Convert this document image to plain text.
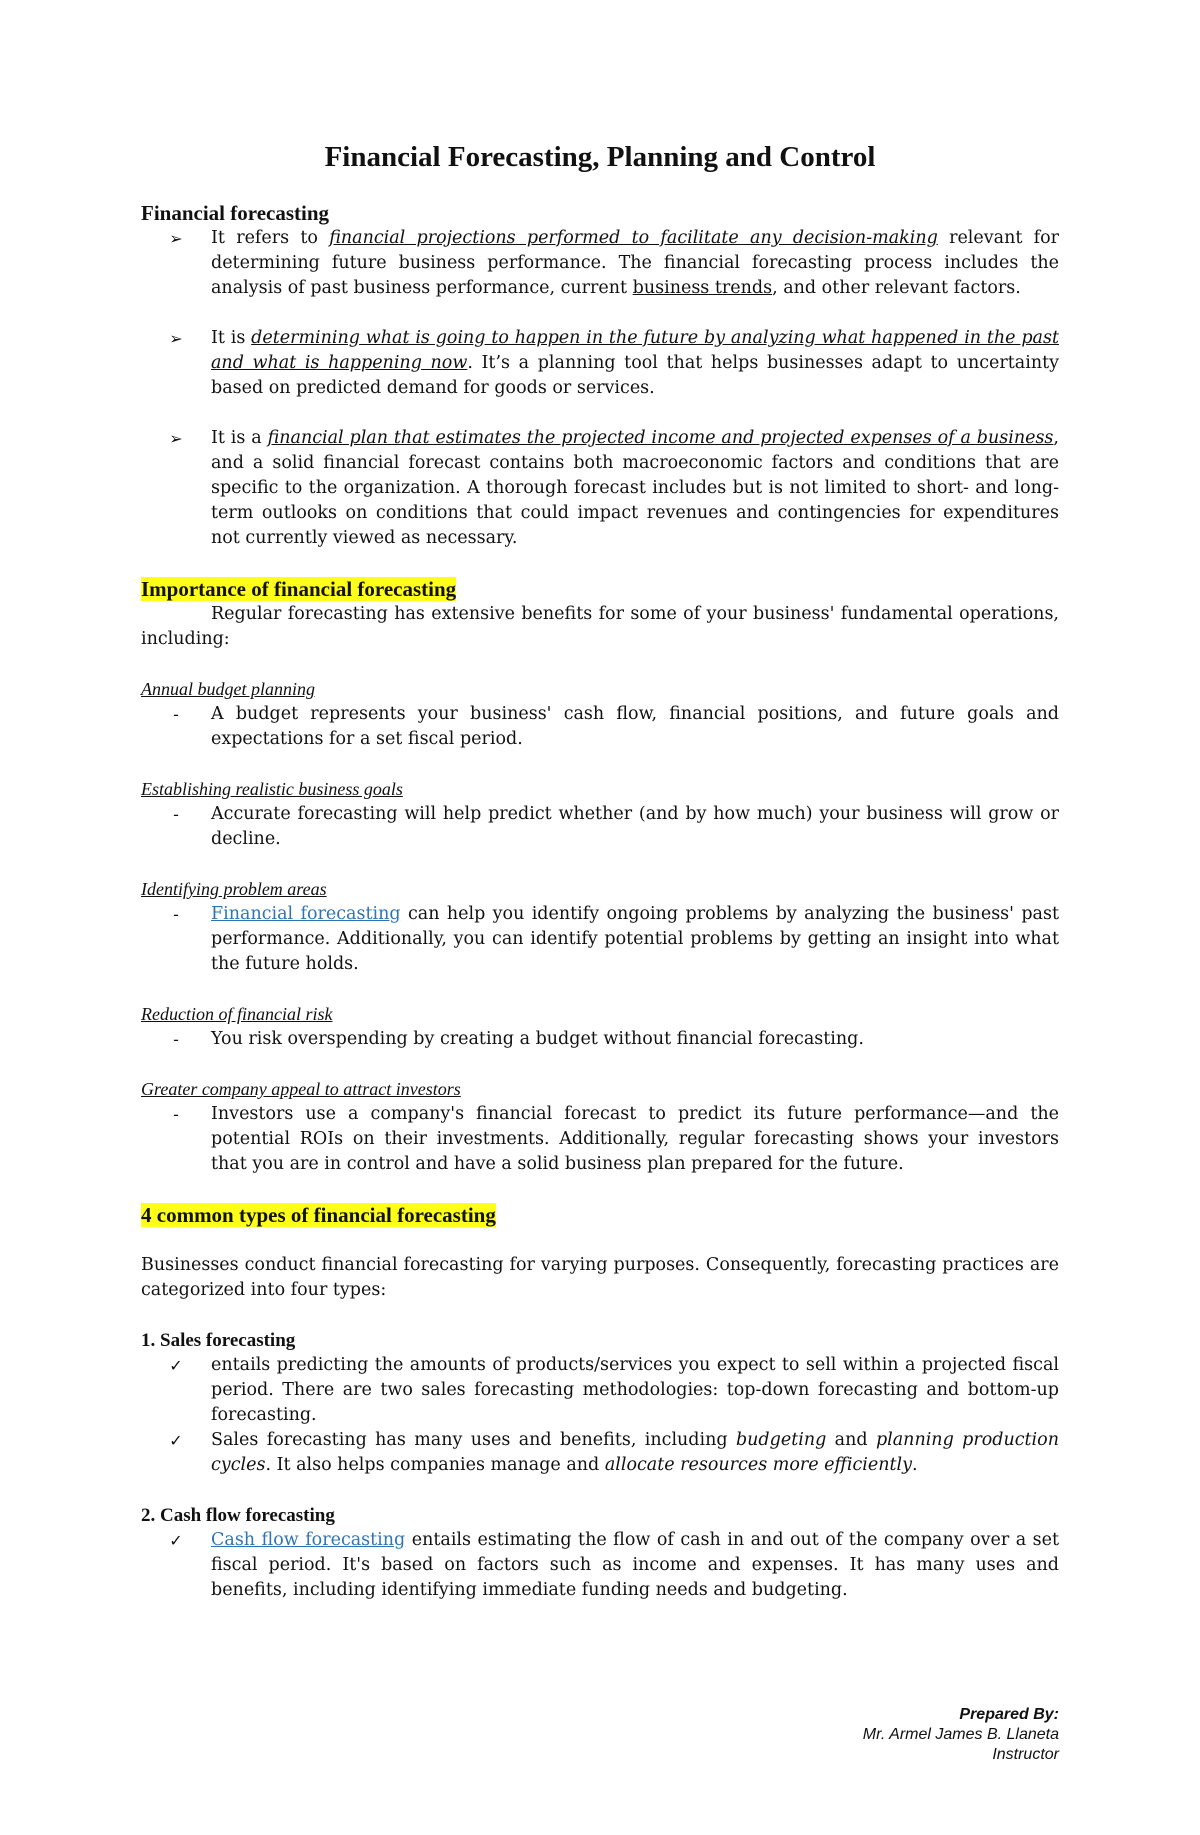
Financial Forecasting, Planning and Control
Financial forecasting
➢	It refers to financial projections performed to facilitate any decision-making relevant for determining future business performance. The financial forecasting process includes the analysis of past business performance, current business trends, and other relevant factors.
➢	It is determining what is going to happen in the future by analyzing what happened in the past and what is happening now. It’s a planning tool that helps businesses adapt to uncertainty based on predicted demand for goods or services.
➢	It is a financial plan that estimates the projected income and projected expenses of a business, and a solid financial forecast contains both macroeconomic factors and conditions that are specific to the organization. A thorough forecast includes but is not limited to short- and long-term outlooks on conditions that could impact revenues and contingencies for expenditures not currently viewed as necessary.
Importance of financial forecasting
Regular forecasting has extensive benefits for some of your business' fundamental operations, including:
Annual budget planning
-	A budget represents your business' cash flow, financial positions, and future goals and expectations for a set fiscal period.
Establishing realistic business goals
-	Accurate forecasting will help predict whether (and by how much) your business will grow or decline.
Identifying problem areas
-	Financial forecasting can help you identify ongoing problems by analyzing the business' past performance. Additionally, you can identify potential problems by getting an insight into what the future holds.
Reduction of financial risk
-	You risk overspending by creating a budget without financial forecasting.
Greater company appeal to attract investors
-	Investors use a company's financial forecast to predict its future performance—and the potential ROIs on their investments. Additionally, regular forecasting shows your investors that you are in control and have a solid business plan prepared for the future.
4 common types of financial forecasting
Businesses conduct financial forecasting for varying purposes. Consequently, forecasting practices are categorized into four types:
1. Sales forecasting
✓	entails predicting the amounts of products/services you expect to sell within a projected fiscal period. There are two sales forecasting methodologies: top-down forecasting and bottom-up forecasting.
✓	Sales forecasting has many uses and benefits, including budgeting and planning production cycles. It also helps companies manage and allocate resources more efficiently.
2. Cash flow forecasting
✓	Cash flow forecasting entails estimating the flow of cash in and out of the company over a set fiscal period. It's based on factors such as income and expenses. It has many uses and benefits, including identifying immediate funding needs and budgeting.
Prepared By:
Mr. Armel James B. Llaneta
Instructor
